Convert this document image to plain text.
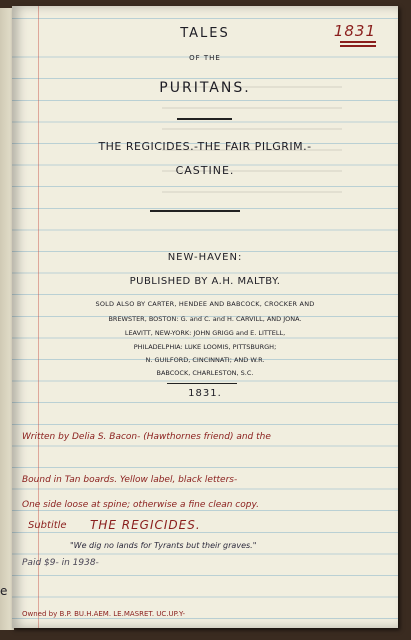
1831
TALES
OF THE
PURITANS.
THE REGICIDES.-THE FAIR PILGRIM.-
CASTINE.
NEW-HAVEN:
PUBLISHED BY A.H. MALTBY.
SOLD ALSO BY CARTER, HENDEE AND BABCOCK, CROCKER AND
BREWSTER, BOSTON: G. and C. and H. CARVILL, AND JONA.
LEAVITT, NEW-YORK: JOHN GRIGG and E. LITTELL,
PHILADELPHIA: LUKE LOOMIS, PITTSBURGH;
N. GUILFORD, CINCINNATI; AND W.R.
BABCOCK, CHARLESTON, S.C.
1831.
Written by Delia S. Bacon- (Hawthornes friend) and the
Bound in Tan boards. Yellow label, black letters-
One side loose at spine; otherwise a fine clean copy.
Subtitle THE REGICIDES.
"We dig no lands for Tyrants but their graves."
Paid $9- in 1938-
Owned by B.P. BU.H.AEM. LE.MASRET. UC.UP.Y-
e
